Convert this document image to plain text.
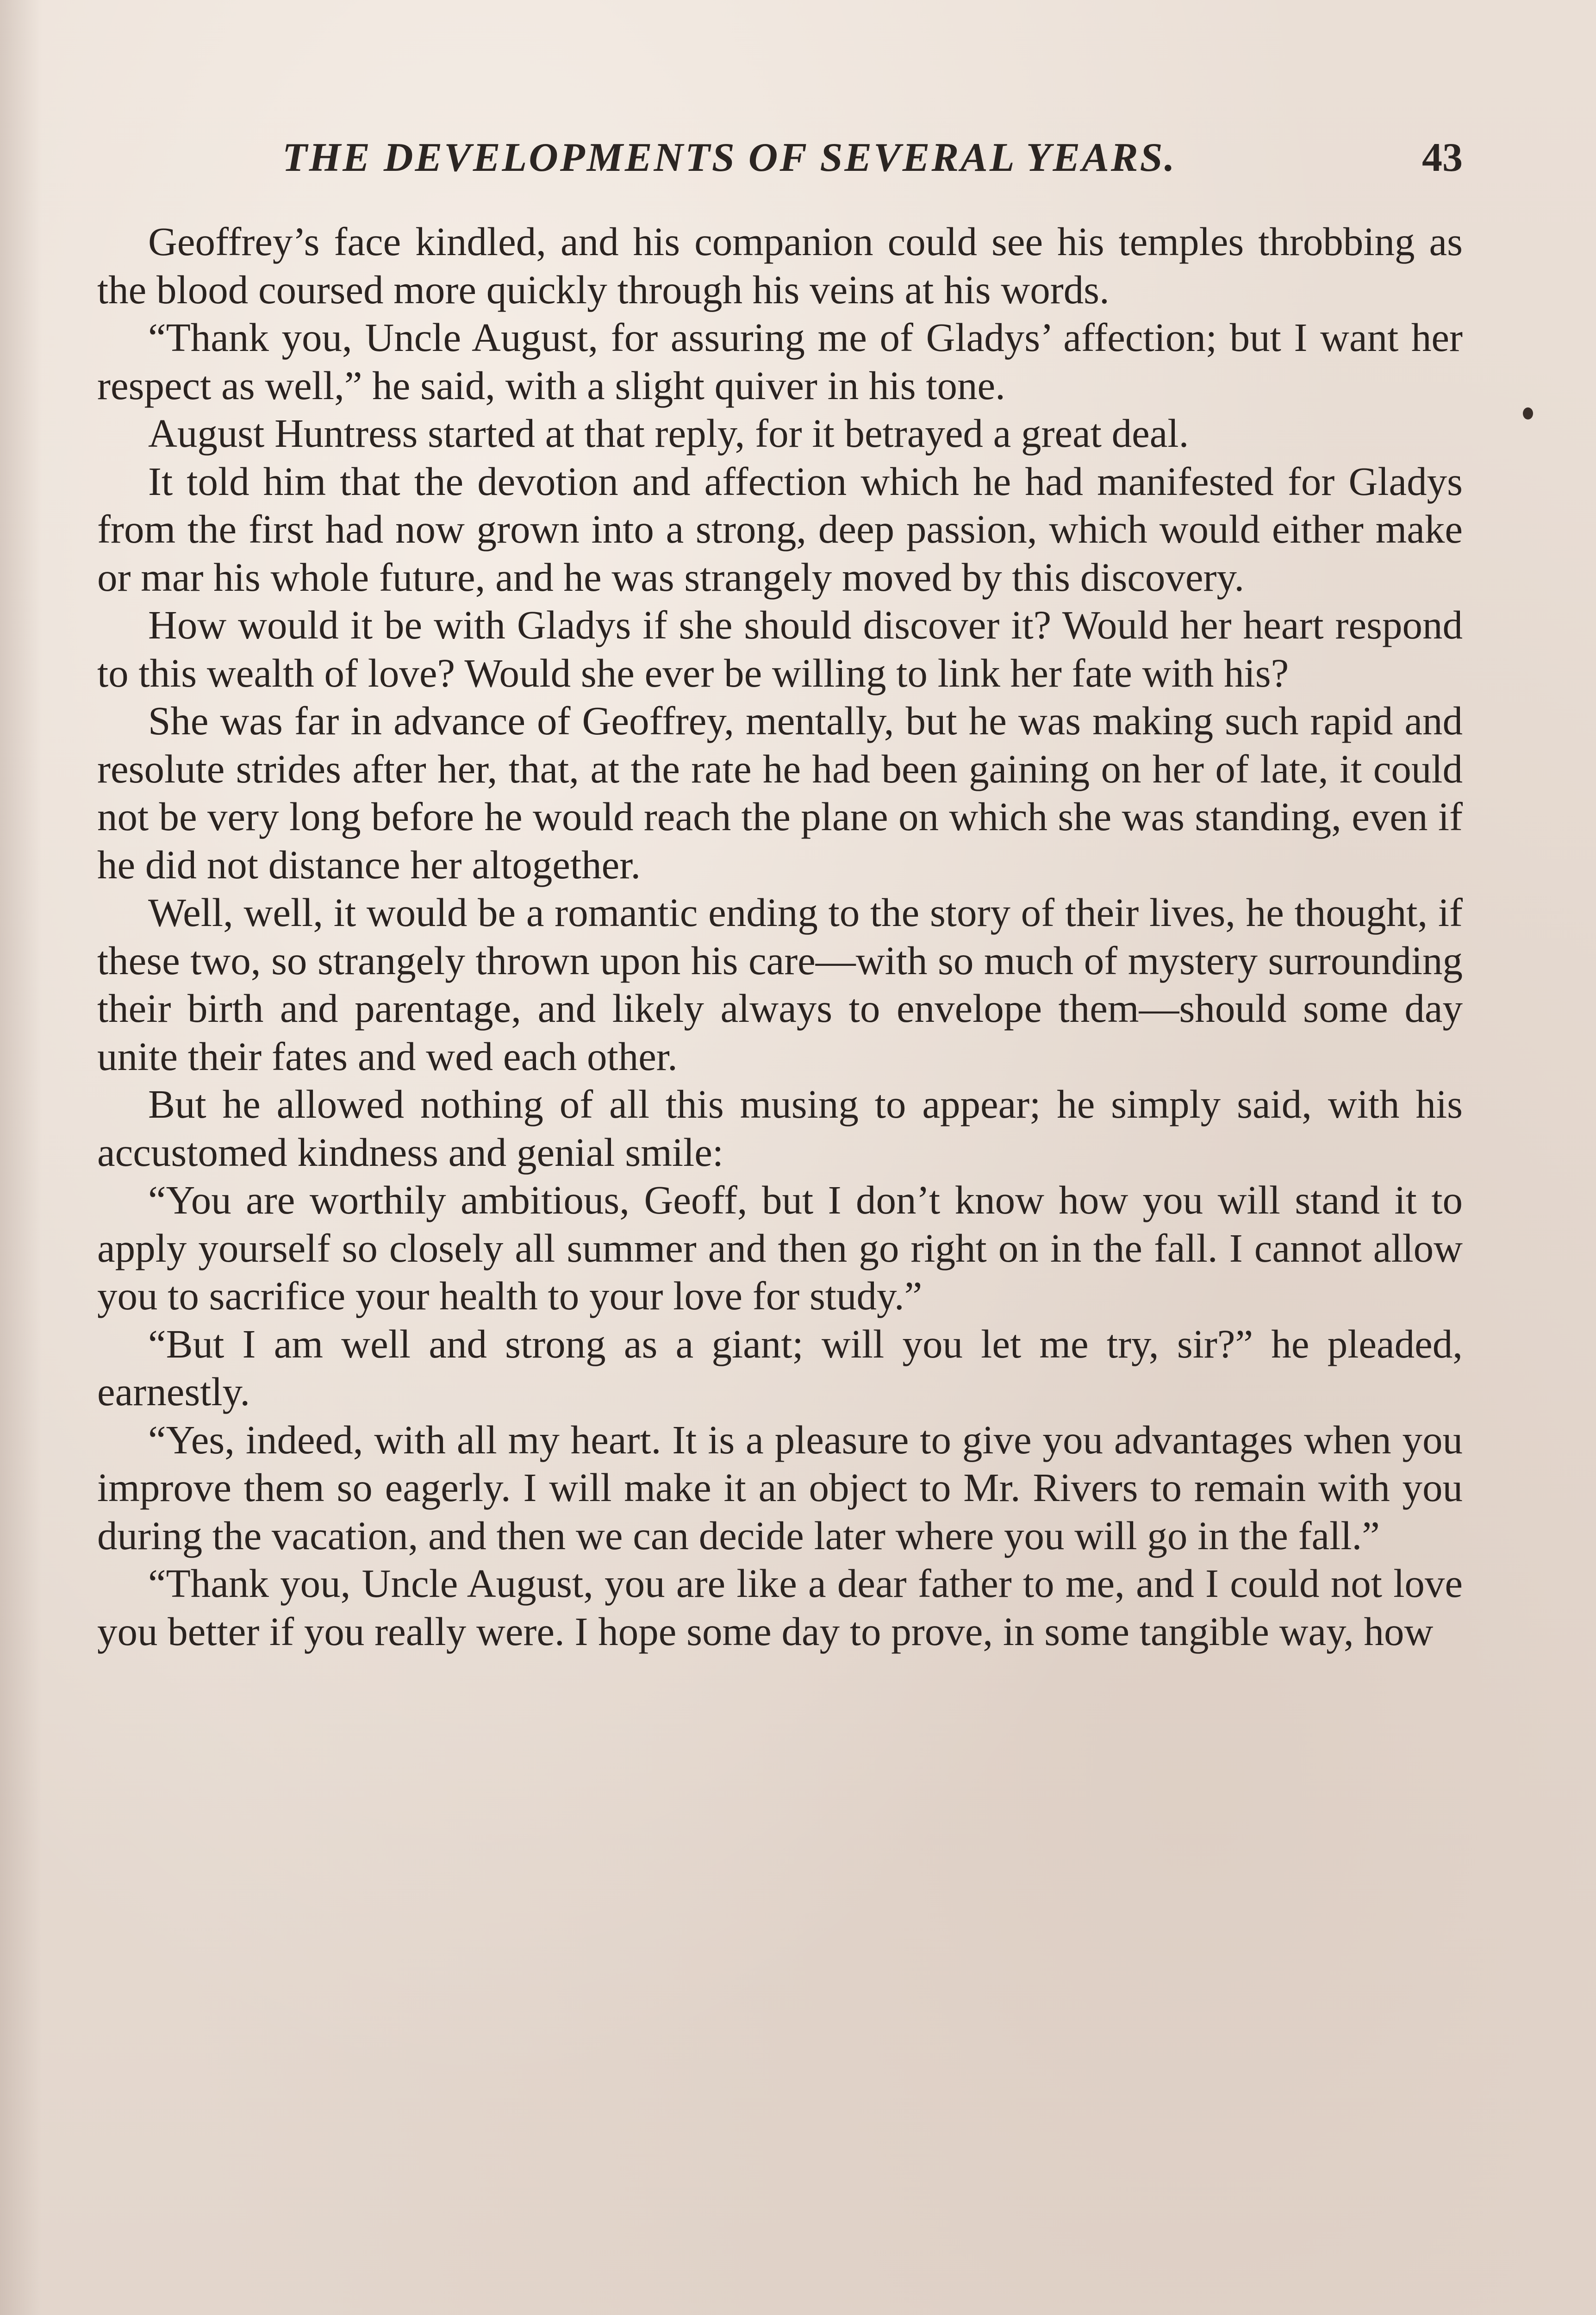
THE DEVELOPMENTS OF SEVERAL YEARS.	43

Geoffrey’s face kindled, and his companion could see his temples throbbing as the blood coursed more quickly through his veins at his words.

“Thank you, Uncle August, for assuring me of Gladys’ affection; but I want her respect as well,” he said, with a slight quiver in his tone.

August Huntress started at that reply, for it betrayed a great deal.

It told him that the devotion and affection which he had manifested for Gladys from the first had now grown into a strong, deep passion, which would either make or mar his whole future, and he was strangely moved by this discovery.

How would it be with Gladys if she should discover it? Would her heart respond to this wealth of love? Would she ever be willing to link her fate with his?

She was far in advance of Geoffrey, mentally, but he was making such rapid and resolute strides after her, that, at the rate he had been gaining on her of late, it could not be very long before he would reach the plane on which she was standing, even if he did not distance her altogether.

Well, well, it would be a romantic ending to the story of their lives, he thought, if these two, so strangely thrown upon his care—with so much of mystery surrounding their birth and parentage, and likely always to envelope them—should some day unite their fates and wed each other.

But he allowed nothing of all this musing to appear; he simply said, with his accustomed kindness and genial smile:

“You are worthily ambitious, Geoff, but I don’t know how you will stand it to apply yourself so closely all summer and then go right on in the fall. I cannot allow you to sacrifice your health to your love for study.”

“But I am well and strong as a giant; will you let me try, sir?” he pleaded, earnestly.

“Yes, indeed, with all my heart. It is a pleasure to give you advantages when you improve them so eagerly. I will make it an object to Mr. Rivers to remain with you during the vacation, and then we can decide later where you will go in the fall.”

“Thank you, Uncle August, you are like a dear father to me, and I could not love you better if you really were. I hope some day to prove, in some tangible way, how
